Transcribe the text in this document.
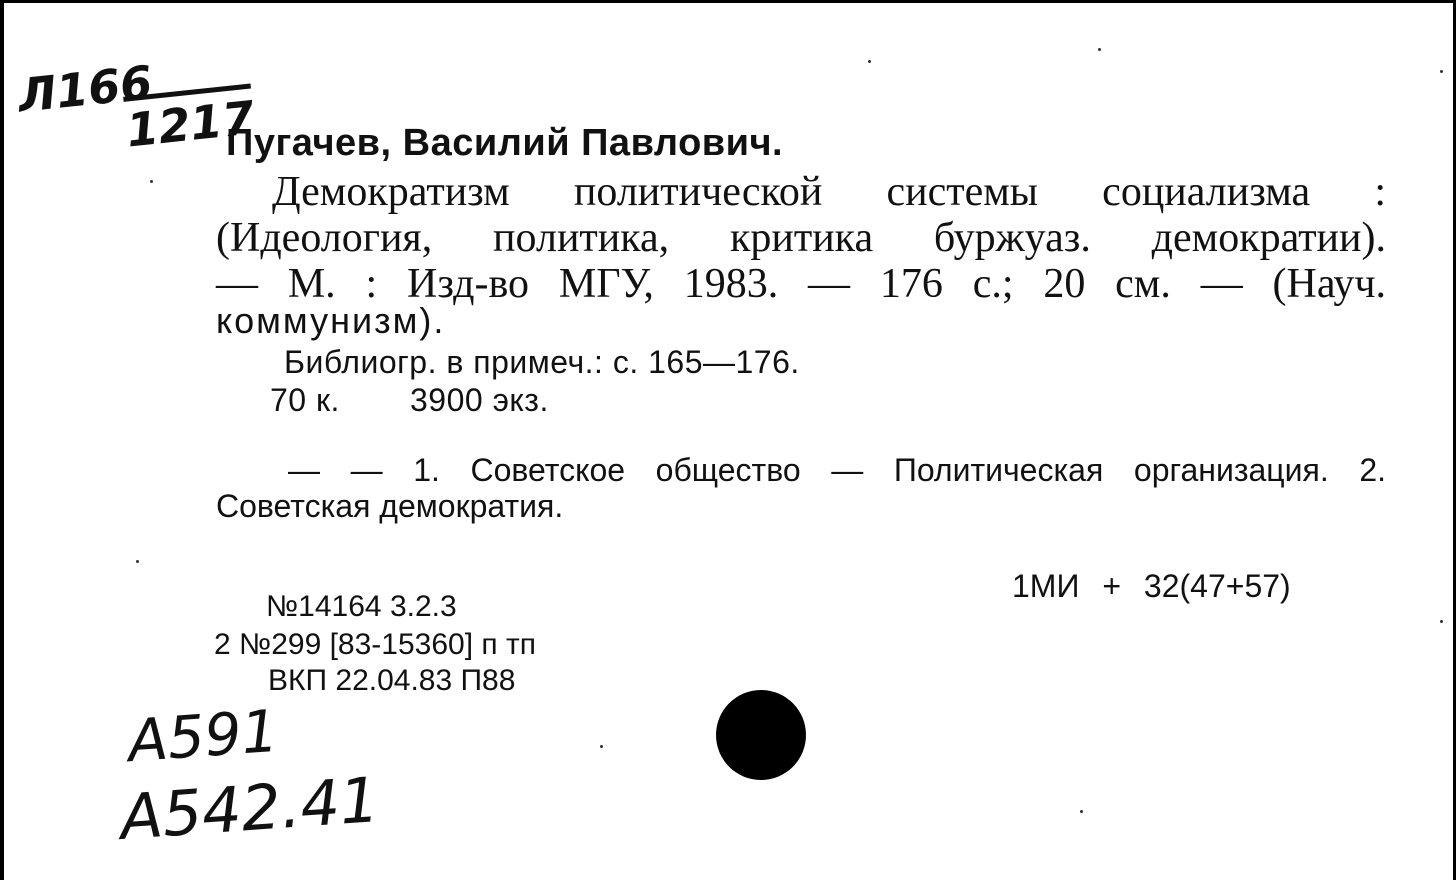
Л166
1217
Пугачев, Василий Павлович.
Демократизм политической системы социализма :
(Идеология, политика, критика буржуаз. демократии).
— М. : Изд-во МГУ, 1983. — 176 с.; 20 см. — (Науч.
коммунизм).
Библиогр. в примеч.: с. 165—176.
70 к. 3900 экз.
— — 1. Советское общество — Политическая организация. 2.
Советская демократия.
1МИ + 32(47+57)
№14164 3.2.3
2 №299 [83-15360] п тп
ВКП 22.04.83 П88
А591
А542.41
